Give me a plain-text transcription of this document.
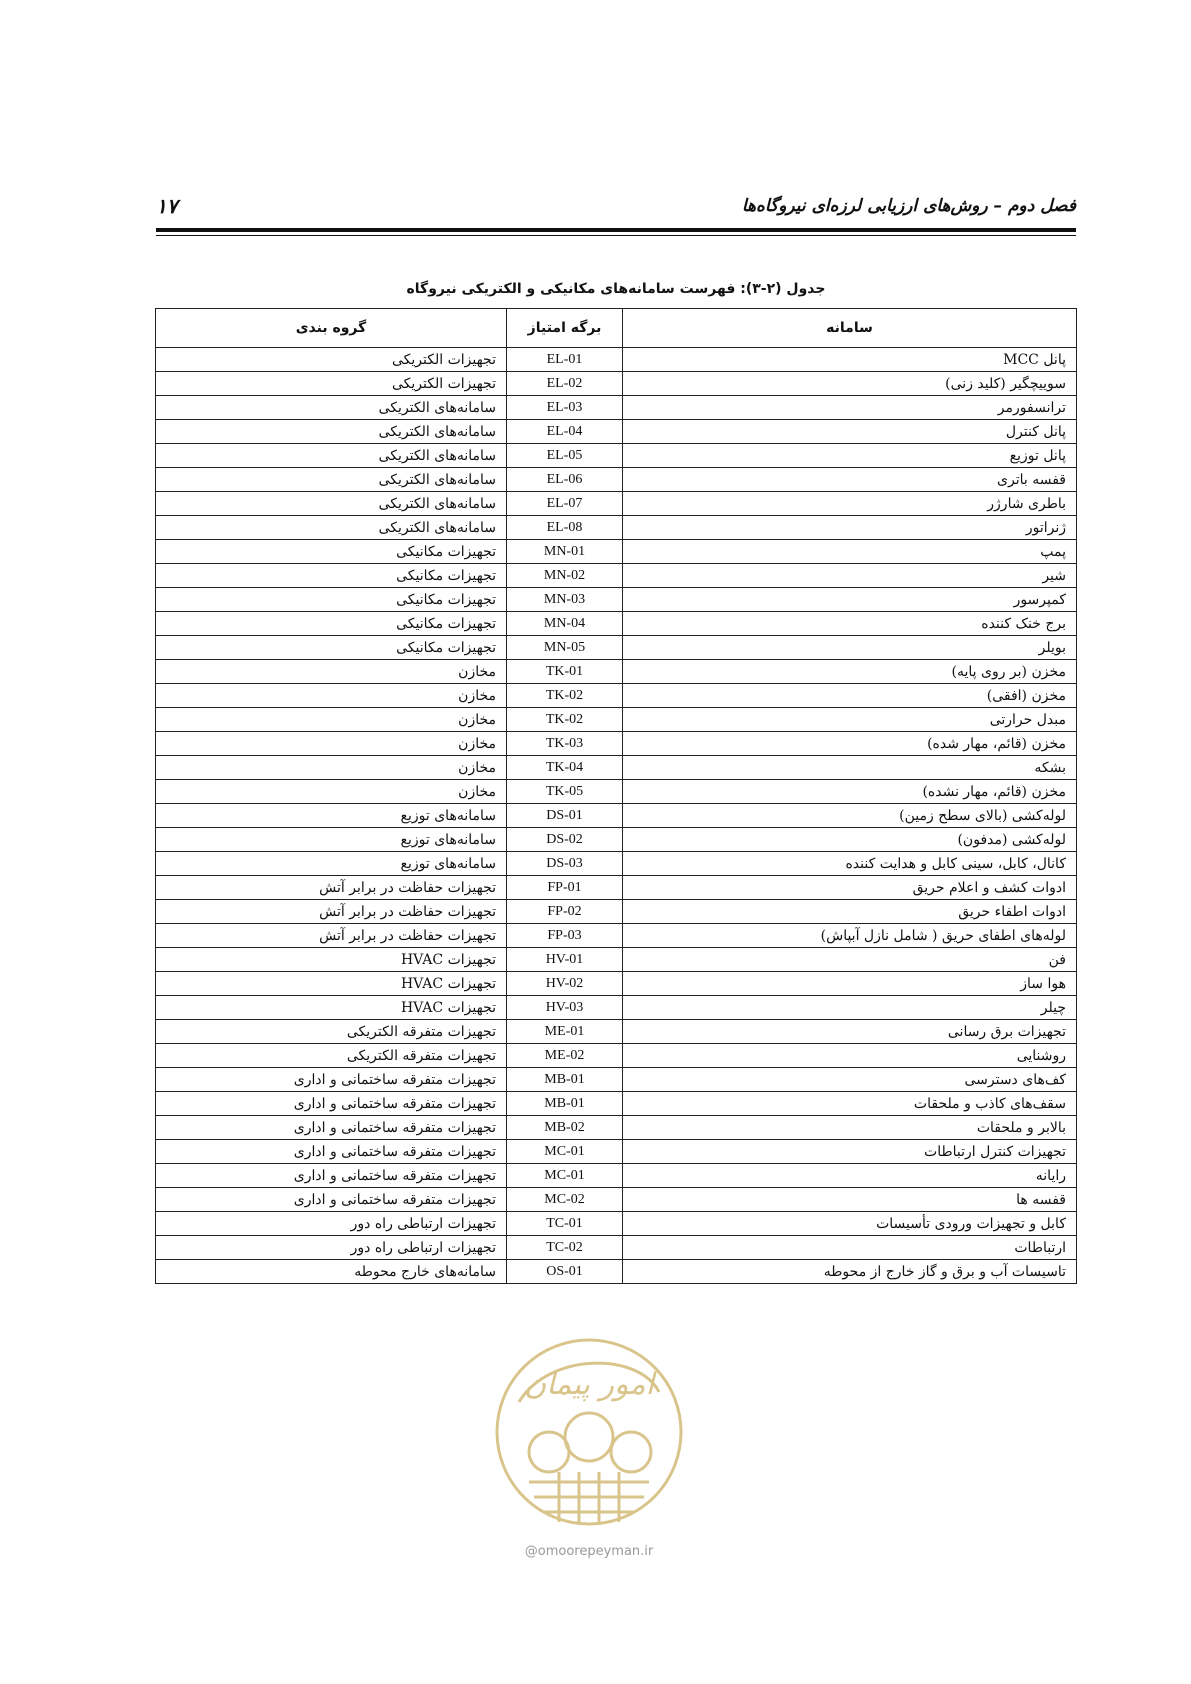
فصل دوم – روش‌های ارزیابی لرزه‌ای نیروگاه‌ها
۱۷
جدول (۲-۳): فهرست سامانه‌های مکانیکی و الکتریکی نیروگاه
سامانه	برگه امتیاز	گروه بندی
پانل MCC	EL-01	تجهیزات الکتریکی
سوییچگیر (کلید زنی)	EL-02	تجهیزات الکتریکی
ترانسفورمر	EL-03	سامانه‌های الکتریکی
پانل کنترل	EL-04	سامانه‌های الکتریکی
پانل توزیع	EL-05	سامانه‌های الکتریکی
قفسه باتری	EL-06	سامانه‌های الکتریکی
باطری شارژر	EL-07	سامانه‌های الکتریکی
ژنراتور	EL-08	سامانه‌های الکتریکی
پمپ	MN-01	تجهیزات مکانیکی
شیر	MN-02	تجهیزات مکانیکی
کمپرسور	MN-03	تجهیزات مکانیکی
برج خنک کننده	MN-04	تجهیزات مکانیکی
بویلر	MN-05	تجهیزات مکانیکی
مخزن (بر روی پایه)	TK-01	مخازن
مخزن (افقی)	TK-02	مخازن
مبدل حرارتی	TK-02	مخازن
مخزن (قائم، مهار شده)	TK-03	مخازن
بشکه	TK-04	مخازن
مخزن (قائم، مهار نشده)	TK-05	مخازن
لوله‌کشی (بالای سطح زمین)	DS-01	سامانه‌های توزیع
لوله‌کشی (مدفون)	DS-02	سامانه‌های توزیع
کانال، کابل، سینی کابل و هدایت کننده	DS-03	سامانه‌های توزیع
ادوات کشف و اعلام حریق	FP-01	تجهیزات حفاظت در برابر آتش
ادوات اطفاء حریق	FP-02	تجهیزات حفاظت در برابر آتش
لوله‌های اطفای حریق ( شامل نازل آبپاش)	FP-03	تجهیزات حفاظت در برابر آتش
فن	HV-01	تجهیزات HVAC
هوا ساز	HV-02	تجهیزات HVAC
چیلر	HV-03	تجهیزات HVAC
تجهیزات برق رسانی	ME-01	تجهیزات متفرقه الکتریکی
روشنایی	ME-02	تجهیزات متفرقه الکتریکی
کف‌های دسترسی	MB-01	تجهیزات متفرقه ساختمانی و اداری
سقف‌های کاذب و ملحقات	MB-01	تجهیزات متفرقه ساختمانی و اداری
بالابر و ملحقات	MB-02	تجهیزات متفرقه ساختمانی و اداری
تجهیزات کنترل ارتباطات	MC-01	تجهیزات متفرقه ساختمانی و اداری
رایانه	MC-01	تجهیزات متفرقه ساختمانی و اداری
قفسه ها	MC-02	تجهیزات متفرقه ساختمانی و اداری
کابل و تجهیزات ورودی تأسیسات	TC-01	تجهیزات ارتباطی راه دور
ارتباطات	TC-02	تجهیزات ارتباطی راه دور
تاسیسات آب و برق و گاز خارج از محوطه	OS-01	سامانه‌های خارج محوطه
امور پیمان
@omoorepeyman.ir
